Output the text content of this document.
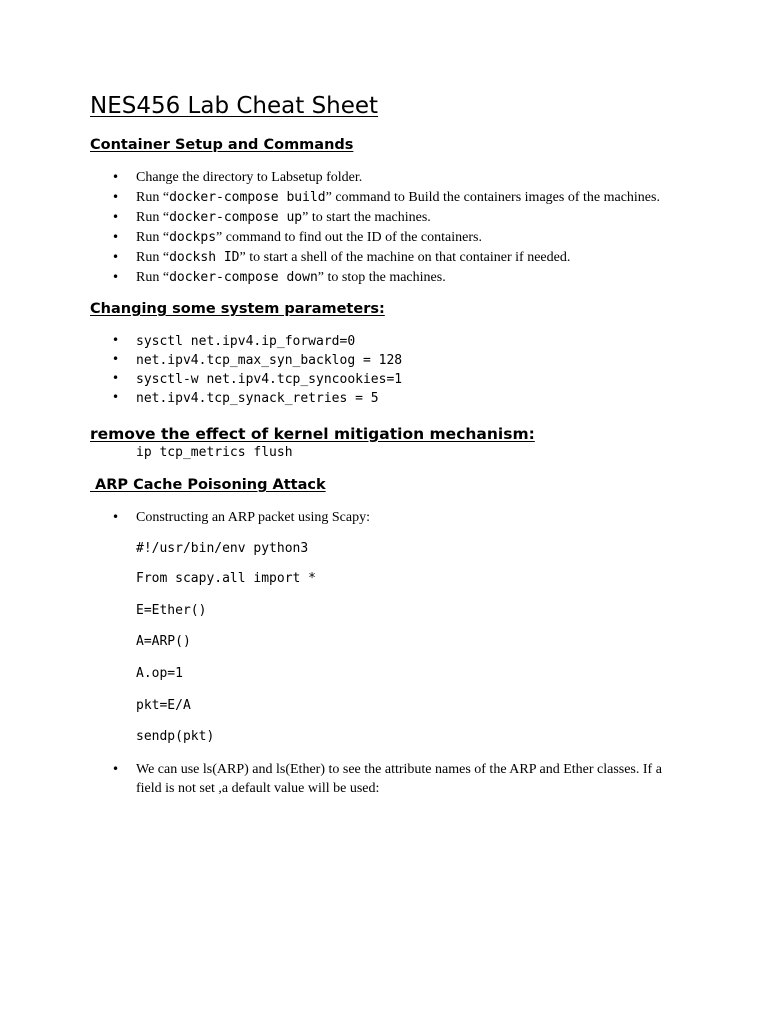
NES456 Lab Cheat Sheet
Container Setup and Commands
• Change the directory to Labsetup folder.
• Run “docker-compose build” command to Build the containers images of the machines.
• Run “docker-compose up” to start the machines.
• Run “dockps” command to find out the ID of the containers.
• Run “docksh ID” to start a shell of the machine on that container if needed.
• Run “docker-compose down” to stop the machines.
Changing some system parameters:
• sysctl net.ipv4.ip_forward=0
• net.ipv4.tcp_max_syn_backlog = 128
• sysctl-w net.ipv4.tcp_syncookies=1
• net.ipv4.tcp_synack_retries = 5
remove the effect of kernel mitigation mechanism:
ip tcp_metrics flush
ARP Cache Poisoning Attack
• Constructing an ARP packet using Scapy:
#!/usr/bin/env python3
From scapy.all import *
E=Ether()
A=ARP()
A.op=1
pkt=E/A
sendp(pkt)
• We can use ls(ARP) and ls(Ether) to see the attribute names of the ARP and Ether classes. If a field is not set ,a default value will be used:
